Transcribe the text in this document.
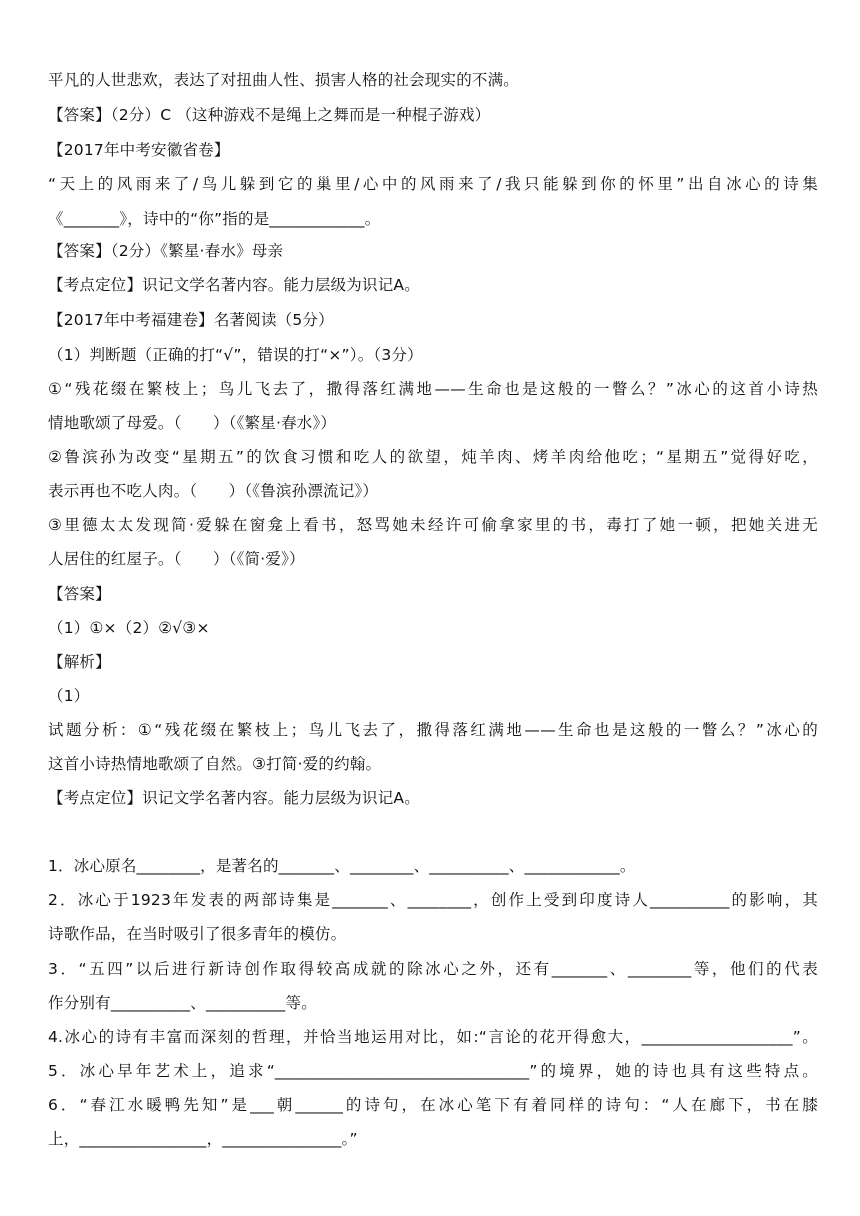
平凡的人世悲欢，表达了对扭曲人性、损害人格的社会现实的不满。
【答案】（2分）C （这种游戏不是绳上之舞而是一种棍子游戏）
【2017年中考安徽省卷】
“天上的风雨来了/鸟儿躲到它的巢里/心中的风雨来了/我只能躲到你的怀里”出自冰心的诗集
《_______》，诗中的“你”指的是____________。
【答案】（2分）《繁星·春水》母亲
【考点定位】识记文学名著内容。能力层级为识记A。
【2017年中考福建卷】名著阅读（5分）
（1）判断题（正确的打“√”，错误的打“×”）。（3分）
①“残花缀在繁枝上；鸟儿飞去了，撒得落红满地——生命也是这般的一瞥么？”冰心的这首小诗热
情地歌颂了母爱。（　　）（《繁星·春水》）
②鲁滨孙为改变“星期五”的饮食习惯和吃人的欲望，炖羊肉、烤羊肉给他吃；“星期五”觉得好吃，
表示再也不吃人肉。（　　）（《鲁滨孙漂流记》）
③里德太太发现简·爱躲在窗龛上看书，怒骂她未经许可偷拿家里的书，毒打了她一顿，把她关进无
人居住的红屋子。（　　）（《简·爱》）
【答案】
（1）①×（2）②√③×
【解析】
（1）
试题分析：①“残花缀在繁枝上；鸟儿飞去了，撒得落红满地——生命也是这般的一瞥么？”冰心的
这首小诗热情地歌颂了自然。③打简·爱的约翰。
【考点定位】识记文学名著内容。能力层级为识记A。
1．冰心原名________，是著名的_______、________、__________、____________。
2．冰心于1923年发表的两部诗集是_______、________，创作上受到印度诗人__________的影响，其
诗歌作品，在当时吸引了很多青年的模仿。
3．“五四”以后进行新诗创作取得较高成就的除冰心之外，还有_______、________等，他们的代表
作分别有__________、__________等。
4.冰心的诗有丰富而深刻的哲理，并恰当地运用对比，如:“言论的花开得愈大，___________________”。
5．冰心早年艺术上，追求“________________________________”的境界，她的诗也具有这些特点。
6．“春江水暖鸭先知”是___朝______的诗句，在冰心笔下有着同样的诗句：“人在廊下，书在膝
上，________________，_______________。”
